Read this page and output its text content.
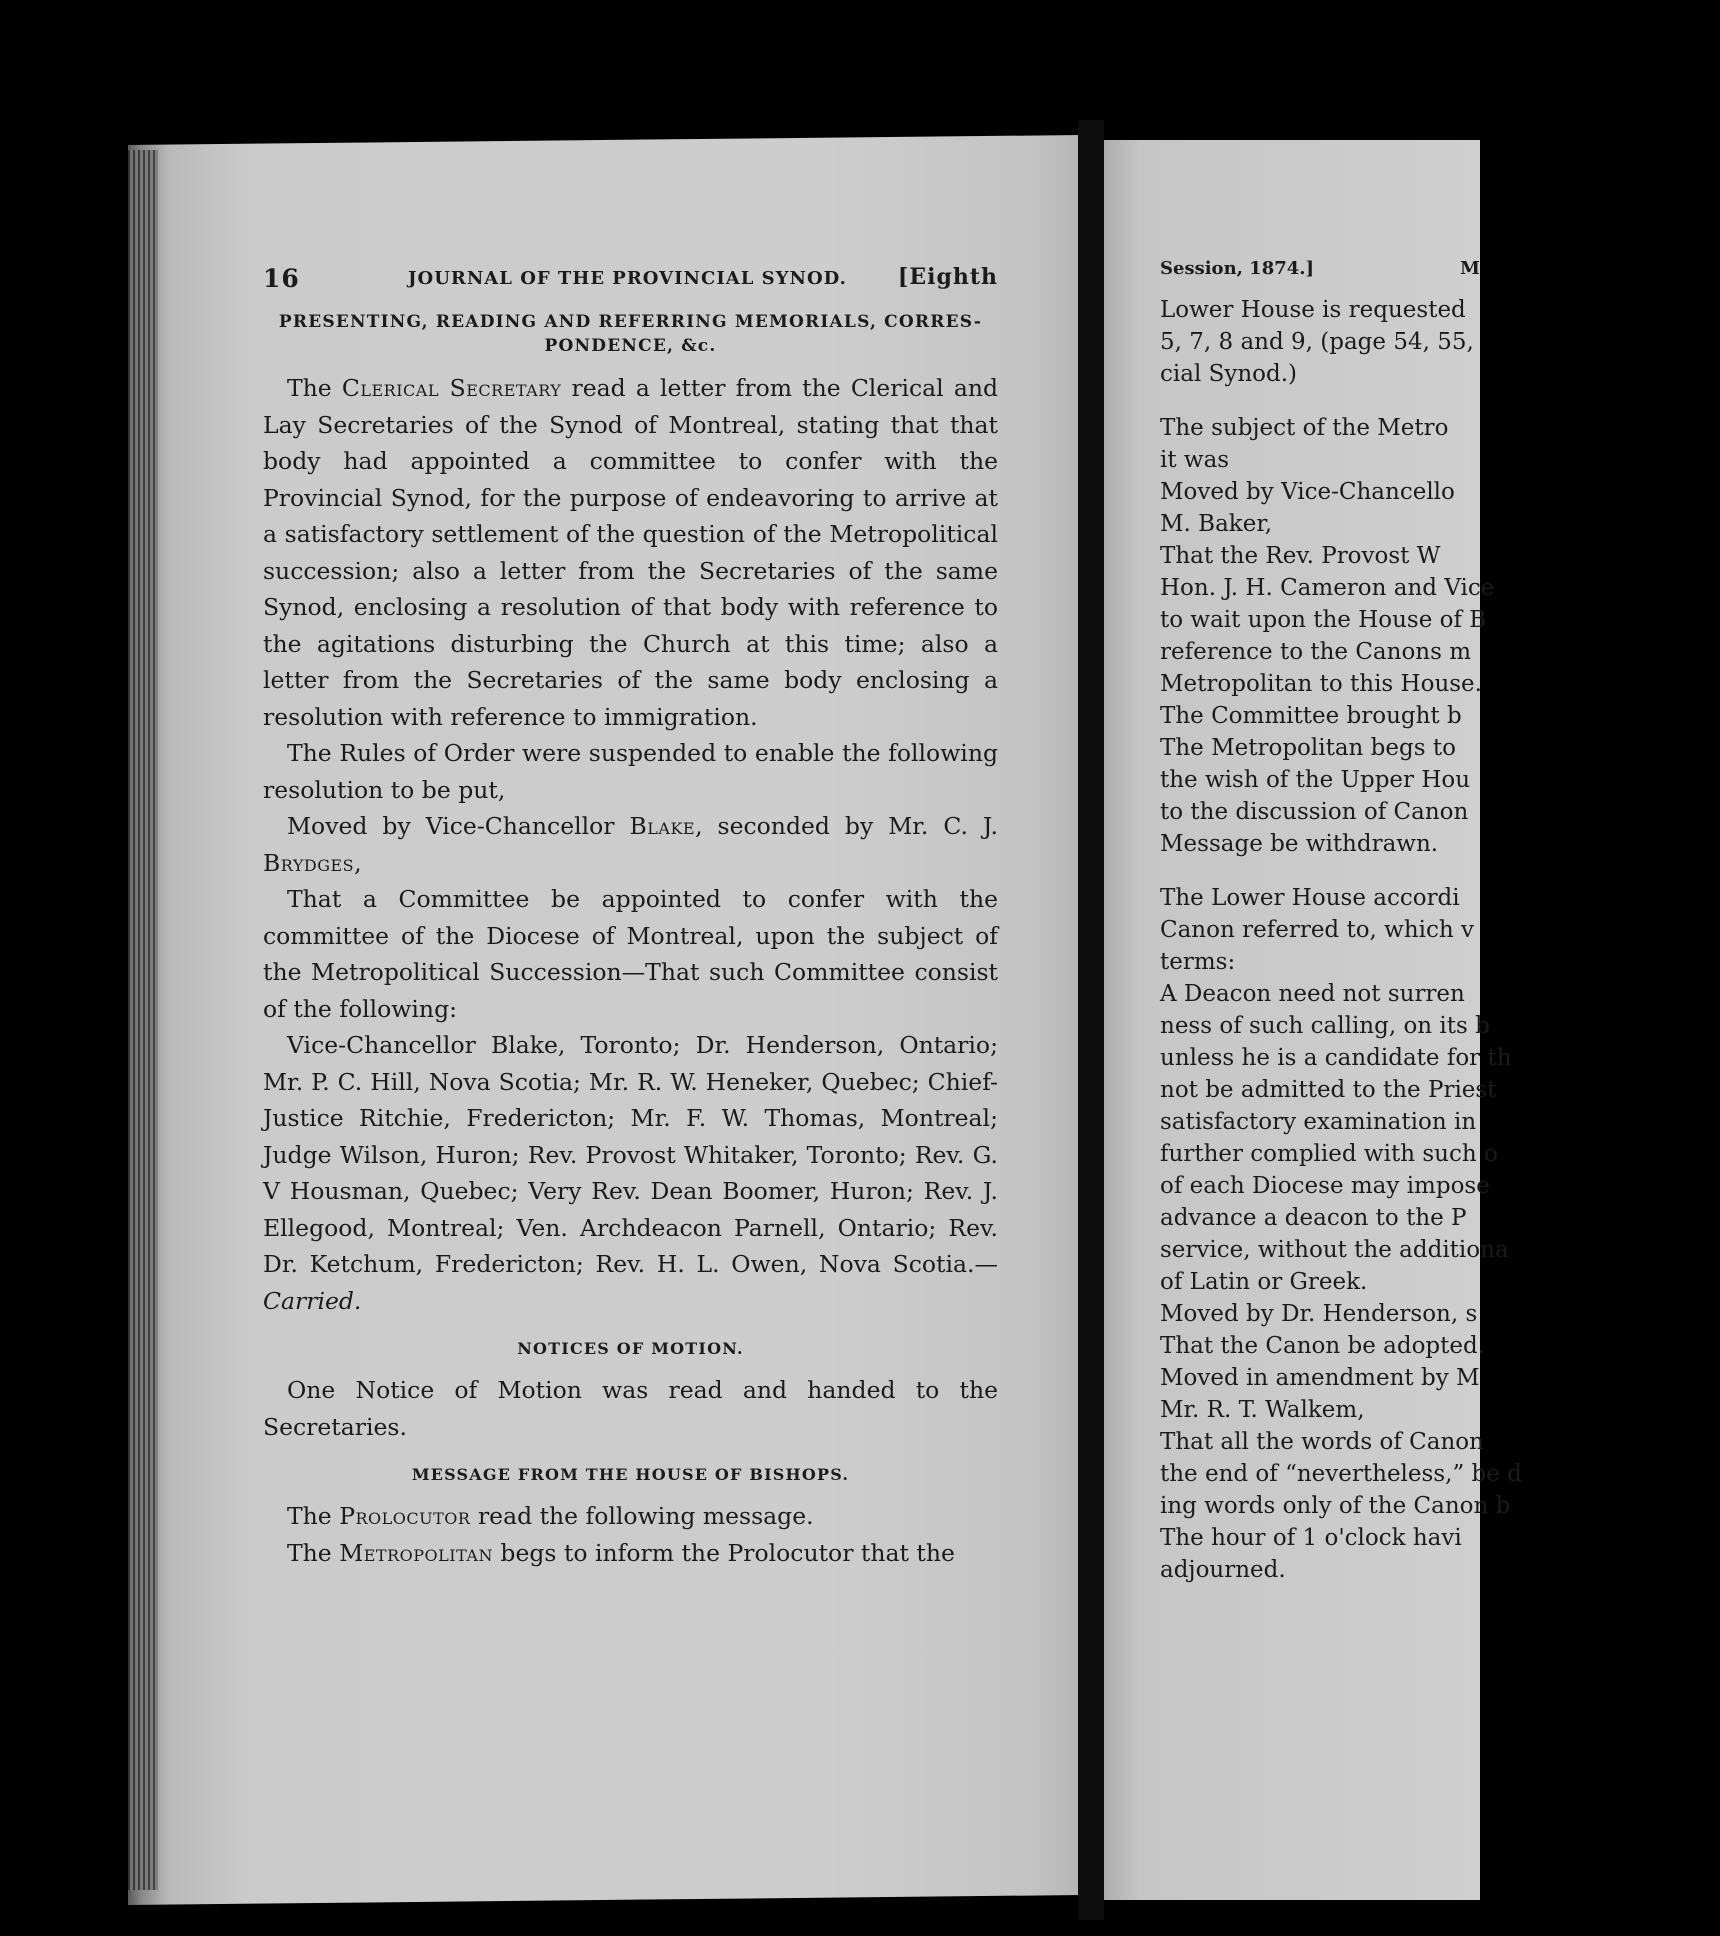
16	JOURNAL OF THE PROVINCIAL SYNOD. [Eighth
PRESENTING, READING AND REFERRING MEMORIALS, CORRES-
PONDENCE, &c.

The Clerical Secretary read a letter from the Clerical and Lay Secretaries of the Synod of Montreal, stating that that body had appointed a committee to confer with the Provincial Synod, for the purpose of endeavoring to arrive at a satisfactory settlement of the question of the Metropolitical succession; also a letter from the Secretaries of the same Synod, enclosing a resolution of that body with reference to the agitations disturbing the Church at this time; also a letter from the Secretaries of the same body enclosing a resolution with reference to immigration.

The Rules of Order were suspended to enable the following resolution to be put,

Moved by Vice-Chancellor Blake, seconded by Mr. C. J. Brydges,

That a Committee be appointed to confer with the committee of the Diocese of Montreal, upon the subject of the Metropolitical Succession—That such Committee consist of the following:

Vice-Chancellor Blake, Toronto; Dr. Henderson, Ontario; Mr. P. C. Hill, Nova Scotia; Mr. R. W. Heneker, Quebec; Chief-Justice Ritchie, Fredericton; Mr. F. W. Thomas, Montreal; Judge Wilson, Huron; Rev. Provost Whitaker, Toronto; Rev. G. V Housman, Quebec; Very Rev. Dean Boomer, Huron; Rev. J. Ellegood, Montreal; Ven. Archdeacon Parnell, Ontario; Rev. Dr. Ketchum, Fredericton; Rev. H. L. Owen, Nova Scotia.—Carried.

NOTICES OF MOTION.

One Notice of Motion was read and handed to the Secretaries.

MESSAGE FROM THE HOUSE OF BISHOPS.

The Prolocutor read the following message.

The Metropolitan begs to inform the Prolocutor that the

Session, 1874.]	M

Lower House is requested

5, 7, 8 and 9, (page 54, 55,

cial Synod.)

The subject of the Metro

it was

Moved by Vice-Chancello

M. Baker,

That the Rev. Provost W

Hon. J. H. Cameron and Vice

to wait upon the House of B

reference to the Canons m

Metropolitan to this House.

The Committee brought b

The Metropolitan begs to

the wish of the Upper Hou

to the discussion of Canon

Message be withdrawn.

The Lower House accordi

Canon referred to, which v

terms:

A Deacon need not surren

ness of such calling, on its b

unless he is a candidate for th

not be admitted to the Priest

satisfactory examination in

further complied with such o

of each Diocese may impose

advance a deacon to the P

service, without the additiona

of Latin or Greek.

Moved by Dr. Henderson, s

That the Canon be adopted.

Moved in amendment by M

Mr. R. T. Walkem,

That all the words of Canon

the end of “nevertheless,” be d

ing words only of the Canon b

The hour of 1 o'clock havi

adjourned.
